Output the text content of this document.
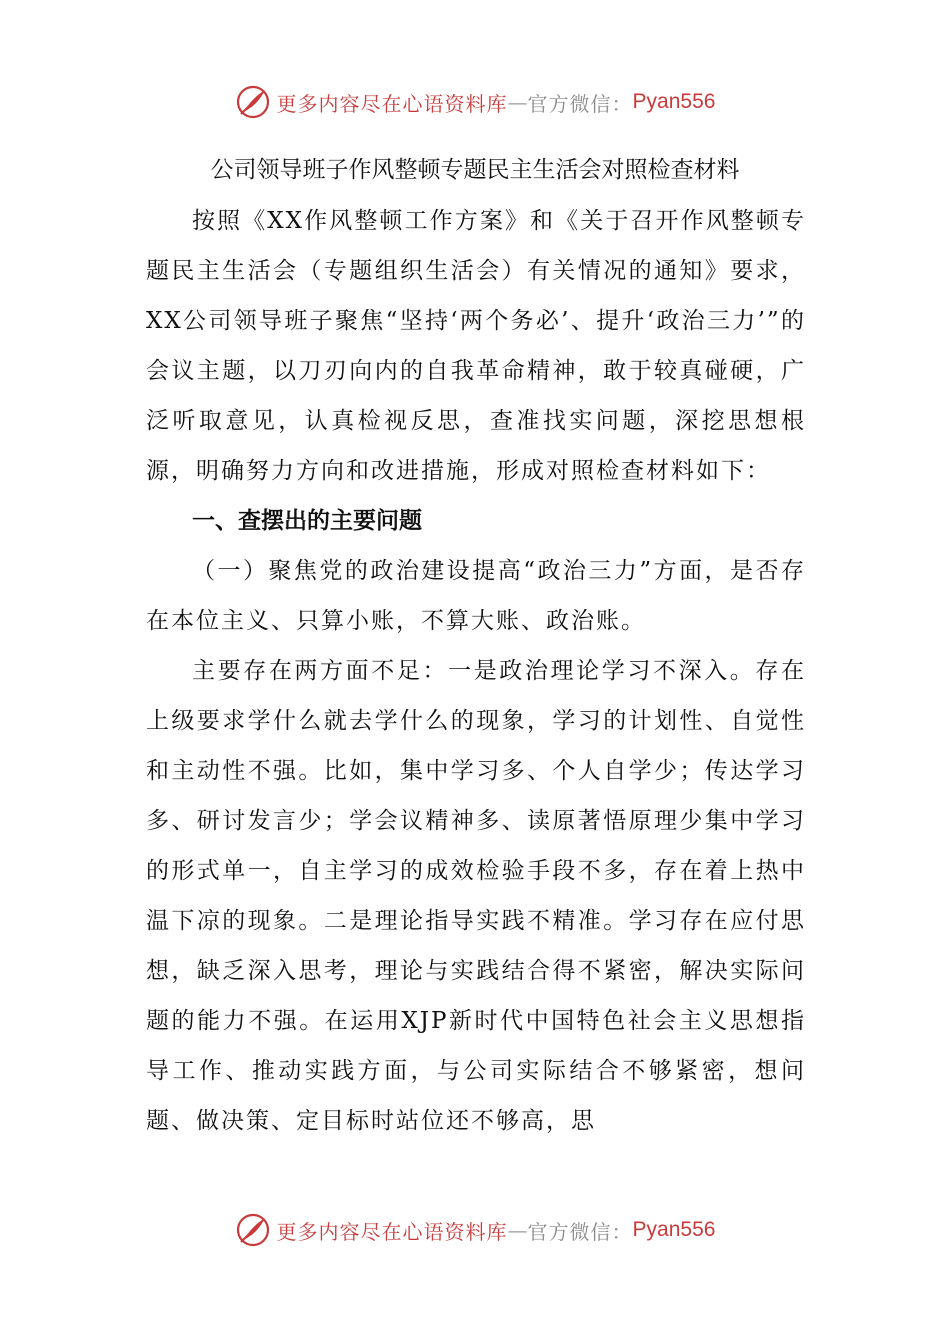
更多内容尽在心语资料库 — 官方微信： Pyan556
公司领导班子作风整顿专题民主生活会对照检查材料

按照《XX作风整顿工作方案》和《关于召开作风整顿专题民主生活会（专题组织生活会）有关情况的通知》要求，XX公司领导班子聚焦“坚持‘两个务必’、提升‘政治三力’”的会议主题，以刀刃向内的自我革命精神，敢于较真碰硬，广泛听取意见，认真检视反思，查准找实问题，深挖思想根源，明确努力方向和改进措施，形成对照检查材料如下：

一、查摆出的主要问题

（一）聚焦党的政治建设提高“政治三力”方面，是否存在本位主义、只算小账，不算大账、政治账。

主要存在两方面不足：一是政治理论学习不深入。存在上级要求学什么就去学什么的现象，学习的计划性、自觉性和主动性不强。比如，集中学习多、个人自学少；传达学习多、研讨发言少；学会议精神多、读原著悟原理少集中学习的形式单一，自主学习的成效检验手段不多，存在着上热中温下凉的现象。二是理论指导实践不精准。学习存在应付思想，缺乏深入思考，理论与实践结合得不紧密，解决实际问题的能力不强。在运用XJP新时代中国特色社会主义思想指导工作、推动实践方面，与公司实际结合不够紧密，想问题、做决策、定目标时站位还不够高，思

更多内容尽在心语资料库 — 官方微信： Pyan556
